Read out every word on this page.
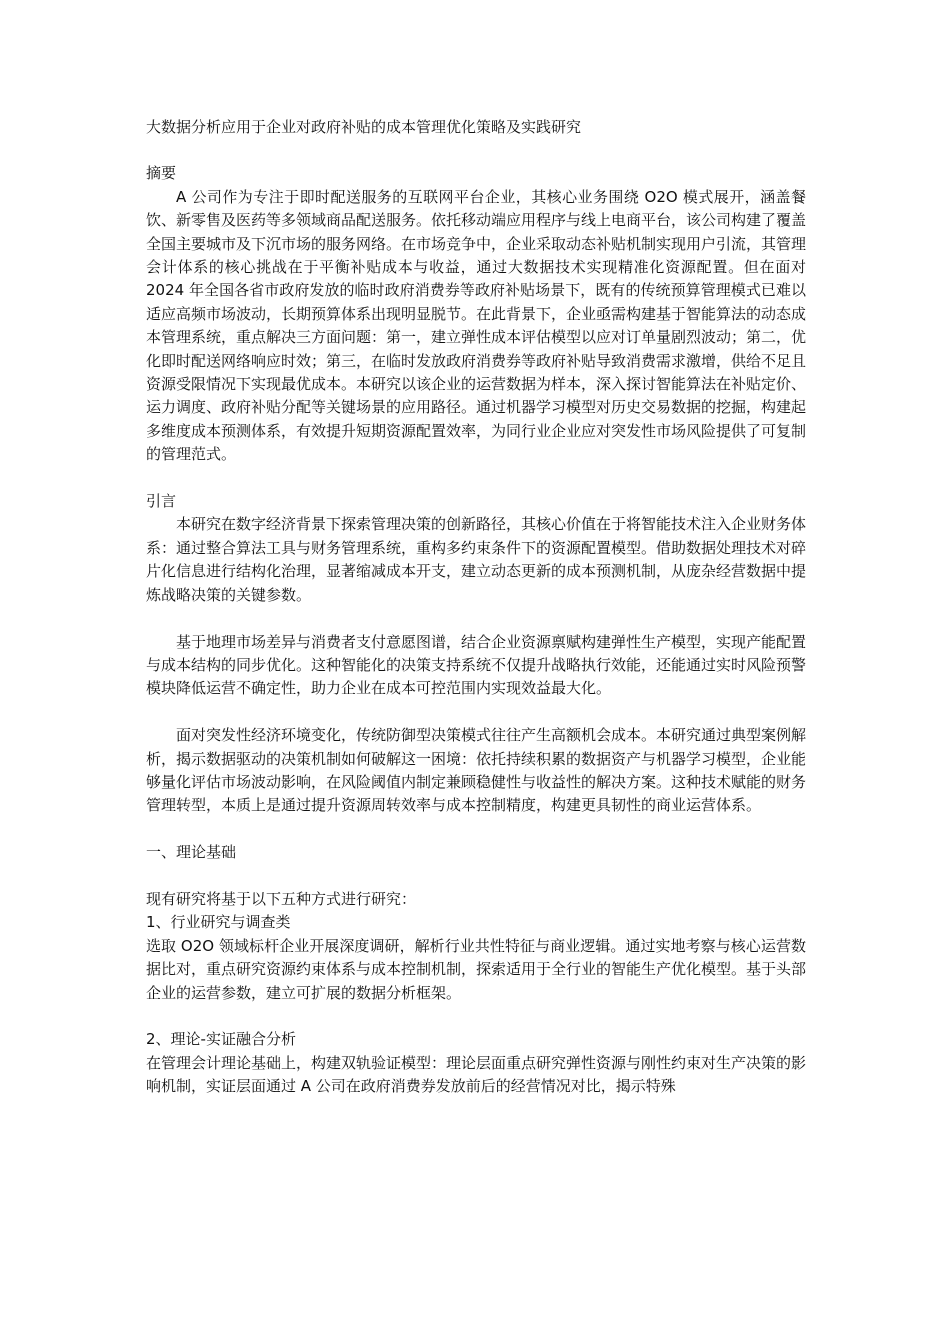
大数据分析应用于企业对政府补贴的成本管理优化策略及实践研究

摘要

A 公司作为专注于即时配送服务的互联网平台企业，其核心业务围绕 O2O 模式展开，涵盖餐饮、新零售及医药等多领域商品配送服务。依托移动端应用程序与线上电商平台，该公司构建了覆盖全国主要城市及下沉市场的服务网络。在市场竞争中，企业采取动态补贴机制实现用户引流，其管理会计体系的核心挑战在于平衡补贴成本与收益，通过大数据技术实现精准化资源配置。但在面对 2024 年全国各省市政府发放的临时政府消费券等政府补贴场景下，既有的传统预算管理模式已难以适应高频市场波动，长期预算体系出现明显脱节。在此背景下，企业亟需构建基于智能算法的动态成本管理系统，重点解决三方面问题：第一，建立弹性成本评估模型以应对订单量剧烈波动；第二，优化即时配送网络响应时效；第三，在临时发放政府消费券等政府补贴导致消费需求激增，供给不足且资源受限情况下实现最优成本。本研究以该企业的运营数据为样本，深入探讨智能算法在补贴定价、运力调度、政府补贴分配等关键场景的应用路径。通过机器学习模型对历史交易数据的挖掘，构建起多维度成本预测体系，有效提升短期资源配置效率，为同行业企业应对突发性市场风险提供了可复制的管理范式。

引言

本研究在数字经济背景下探索管理决策的创新路径，其核心价值在于将智能技术注入企业财务体系：通过整合算法工具与财务管理系统，重构多约束条件下的资源配置模型。借助数据处理技术对碎片化信息进行结构化治理，显著缩减成本开支，建立动态更新的成本预测机制，从庞杂经营数据中提炼战略决策的关键参数。

基于地理市场差异与消费者支付意愿图谱，结合企业资源禀赋构建弹性生产模型，实现产能配置与成本结构的同步优化。这种智能化的决策支持系统不仅提升战略执行效能，还能通过实时风险预警模块降低运营不确定性，助力企业在成本可控范围内实现效益最大化。

面对突发性经济环境变化，传统防御型决策模式往往产生高额机会成本。本研究通过典型案例解析，揭示数据驱动的决策机制如何破解这一困境：依托持续积累的数据资产与机器学习模型，企业能够量化评估市场波动影响，在风险阈值内制定兼顾稳健性与收益性的解决方案。这种技术赋能的财务管理转型，本质上是通过提升资源周转效率与成本控制精度，构建更具韧性的商业运营体系。

一、理论基础

现有研究将基于以下五种方式进行研究：

1、行业研究与调查类

选取 O2O 领域标杆企业开展深度调研，解析行业共性特征与商业逻辑。通过实地考察与核心运营数据比对，重点研究资源约束体系与成本控制机制，探索适用于全行业的智能生产优化模型。基于头部企业的运营参数，建立可扩展的数据分析框架。

2、理论-实证融合分析

在管理会计理论基础上，构建双轨验证模型：理论层面重点研究弹性资源与刚性约束对生产决策的影响机制，实证层面通过 A 公司在政府消费券发放前后的经营情况对比，揭示特殊
